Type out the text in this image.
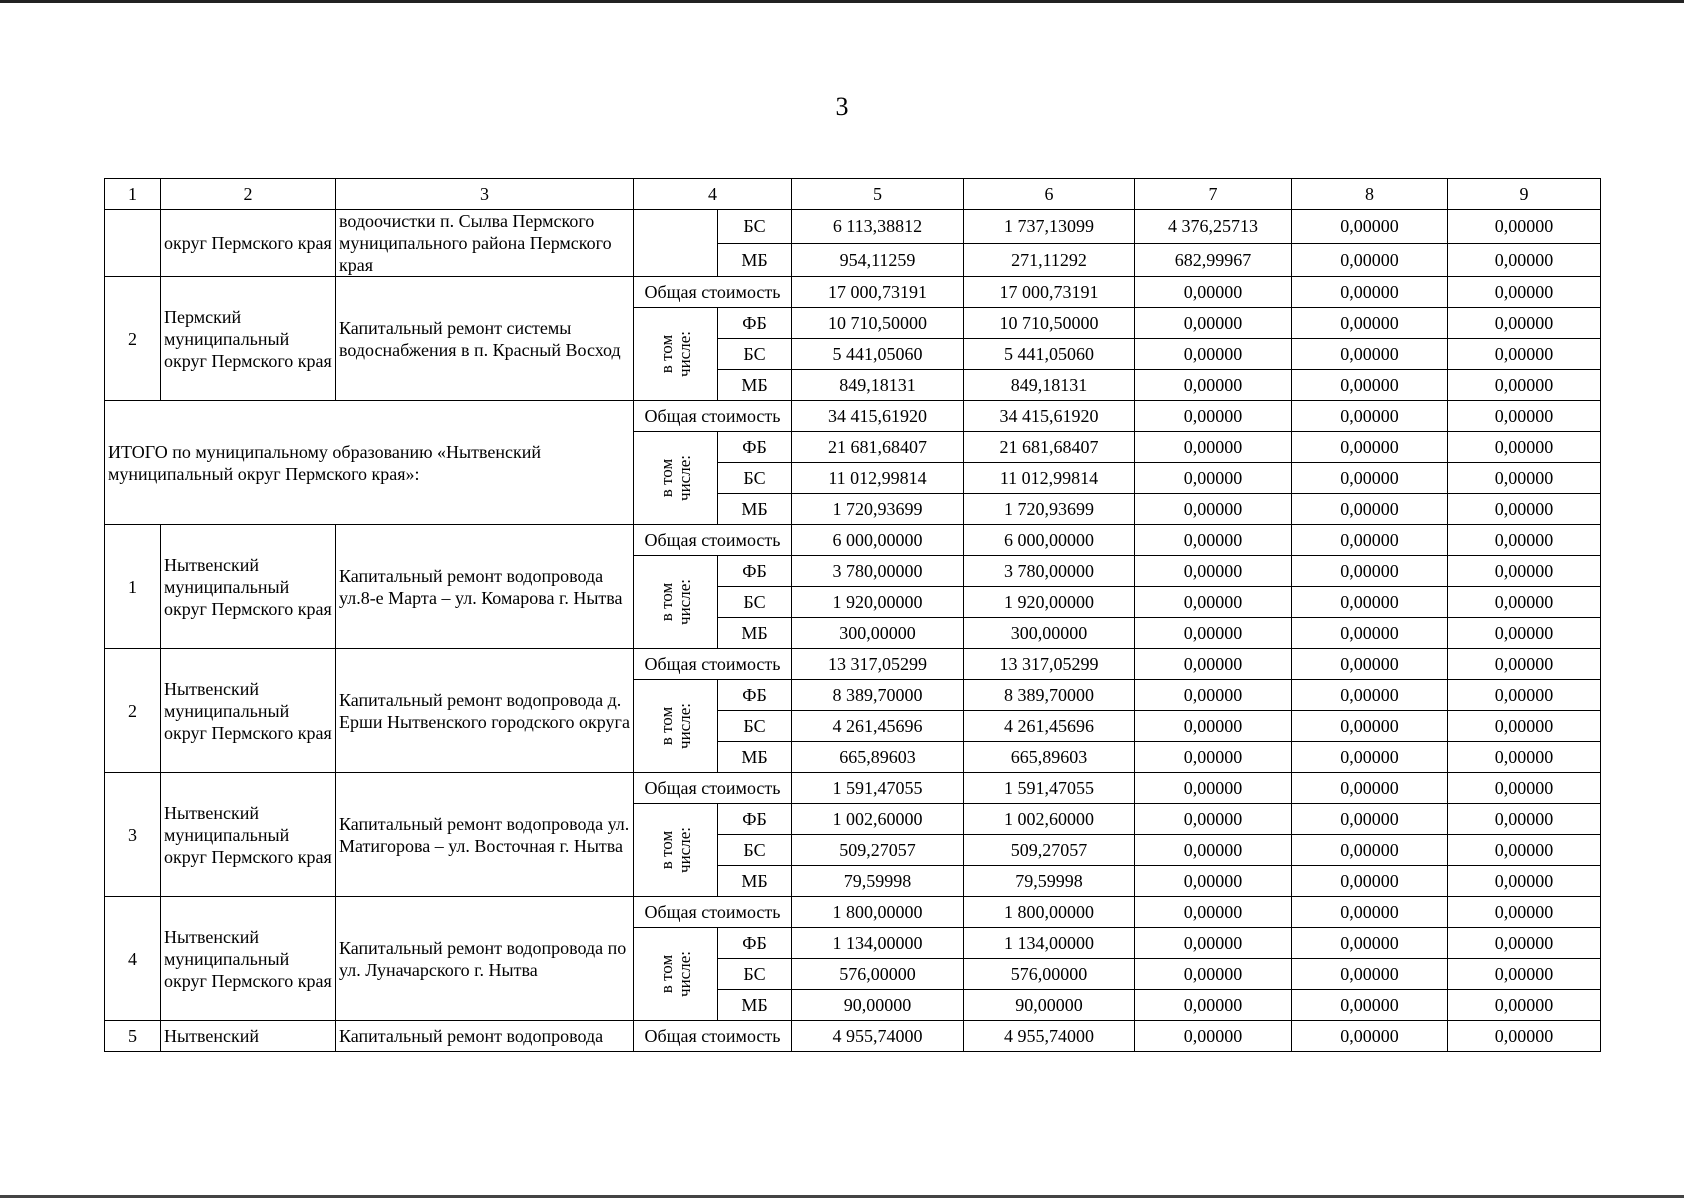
3
1	2	3	4		5	6	7	8	9
	округ Пермского края	водоочистки п. Сылва Пермского муниципального района Пермского края		БС	6 113,38812	1 737,13099	4 376,25713	0,00000	0,00000
				МБ	954,11259	271,11292	682,99967	0,00000	0,00000
2	Пермский муниципальный округ Пермского края	Капитальный ремонт системы водоснабжения в п. Красный Восход	Общая стоимость		17 000,73191	17 000,73191	0,00000	0,00000	0,00000

			в том числе:	ФБ	10 710,50000	10 710,50000	0,00000	0,00000	0,00000
				БС	5 441,05060	5 441,05060	0,00000	0,00000	0,00000
				МБ	849,18131	849,18131	0,00000	0,00000	0,00000
ИТОГО по муниципальному образованию «Нытвенский муниципальный округ Пермского края»:			Общая стоимость		34 415,61920	34 415,61920	0,00000	0,00000	0,00000

			в том числе:	ФБ	21 681,68407	21 681,68407	0,00000	0,00000	0,00000
				БС	11 012,99814	11 012,99814	0,00000	0,00000	0,00000
				МБ	1 720,93699	1 720,93699	0,00000	0,00000	0,00000
1	Нытвенский муниципальный округ Пермского края	Капитальный ремонт водопровода ул.8-е Марта – ул. Комарова г. Нытва	Общая стоимость		6 000,00000	6 000,00000	0,00000	0,00000	0,00000

			в том числе:	ФБ	3 780,00000	3 780,00000	0,00000	0,00000	0,00000
				БС	1 920,00000	1 920,00000	0,00000	0,00000	0,00000
				МБ	300,00000	300,00000	0,00000	0,00000	0,00000
2	Нытвенский муниципальный округ Пермского края	Капитальный ремонт водопровода д. Ерши Нытвенского городского округа	Общая стоимость		13 317,05299	13 317,05299	0,00000	0,00000	0,00000

			в том числе:	ФБ	8 389,70000	8 389,70000	0,00000	0,00000	0,00000
				БС	4 261,45696	4 261,45696	0,00000	0,00000	0,00000
				МБ	665,89603	665,89603	0,00000	0,00000	0,00000
3	Нытвенский муниципальный округ Пермского края	Капитальный ремонт водопровода ул. Матигорова – ул. Восточная г. Нытва	Общая стоимость		1 591,47055	1 591,47055	0,00000	0,00000	0,00000

			в том числе:	ФБ	1 002,60000	1 002,60000	0,00000	0,00000	0,00000
				БС	509,27057	509,27057	0,00000	0,00000	0,00000
				МБ	79,59998	79,59998	0,00000	0,00000	0,00000
4	Нытвенский муниципальный округ Пермского края	Капитальный ремонт водопровода по ул. Луначарского г. Нытва	Общая стоимость		1 800,00000	1 800,00000	0,00000	0,00000	0,00000

			в том числе:	ФБ	1 134,00000	1 134,00000	0,00000	0,00000	0,00000
				БС	576,00000	576,00000	0,00000	0,00000	0,00000
				МБ	90,00000	90,00000	0,00000	0,00000	0,00000
5	Нытвенский	Капитальный ремонт водопровода	Общая стоимость		4 955,74000	4 955,74000	0,00000	0,00000	0,00000
